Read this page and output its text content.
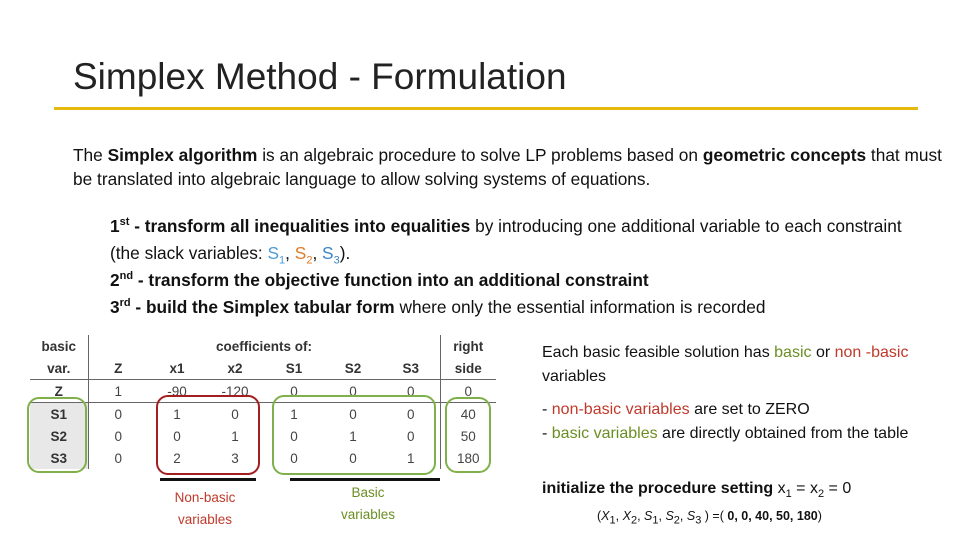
Simplex Method - Formulation
The Simplex algorithm is an algebraic procedure to solve LP problems based on geometric concepts that must be translated into algebraic language to allow solving systems of equations.

1st - transform all inequalities into equalities by introducing one additional variable to each constraint (the slack variables: $S_1$, $S_2$, $S_3$).

2nd - transform the objective function into an additional constraint

3rd - build the Simplex tabular form where only the essential information is recorded

basic	coefficients of:						right
var.	Z	x1	x2	S1	S2	S3	side
Z	1	-90	-120	0	0	0	0
S1	0	1	0	1	0	0	40
S2	0	0	1	0	1	0	50
S3	0	2	3	0	0	1	180
Non-basic
variables
Basic
variables
Each basic feasible solution has basic or non -basic variables
- non-basic variables are set to ZERO
- basic variables are directly obtained from the table
initialize the procedure setting $x_1 = x_2 = 0$
($X_1$, $X_2$, $S_1$, $S_2$, $S_3$ ) =( 0, 0, 40, 50, 180)
